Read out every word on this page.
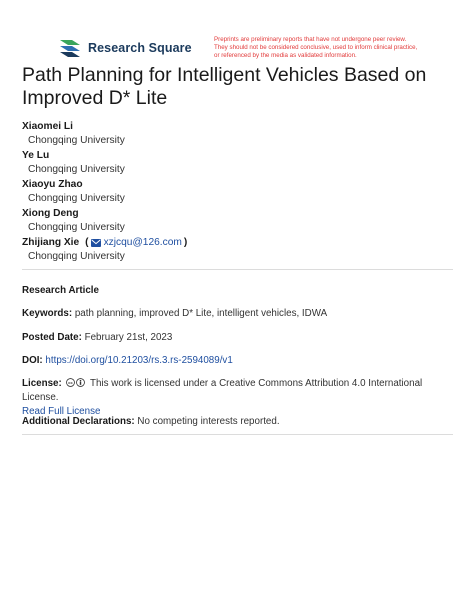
Research Square
Preprints are preliminary reports that have not undergone peer review.
They should not be considered conclusive, used to inform clinical practice,
or referenced by the media as validated information.
Path Planning for Intelligent Vehicles Based on Improved D* Lite
Xiaomei Li
Chongqing University
Ye Lu
Chongqing University
Xiaoyu Zhao
Chongqing University
Xiong Deng
Chongqing University
Zhijiang Xie ( xzjcqu@126.com )
Chongqing University
Research Article
Keywords: path planning, improved D* Lite, intelligent vehicles, IDWA
Posted Date: February 21st, 2023
DOI: https://doi.org/10.21203/rs.3.rs-2594089/v1
License: cc This work is licensed under a Creative Commons Attribution 4.0 International License.
Read Full License
Additional Declarations: No competing interests reported.
